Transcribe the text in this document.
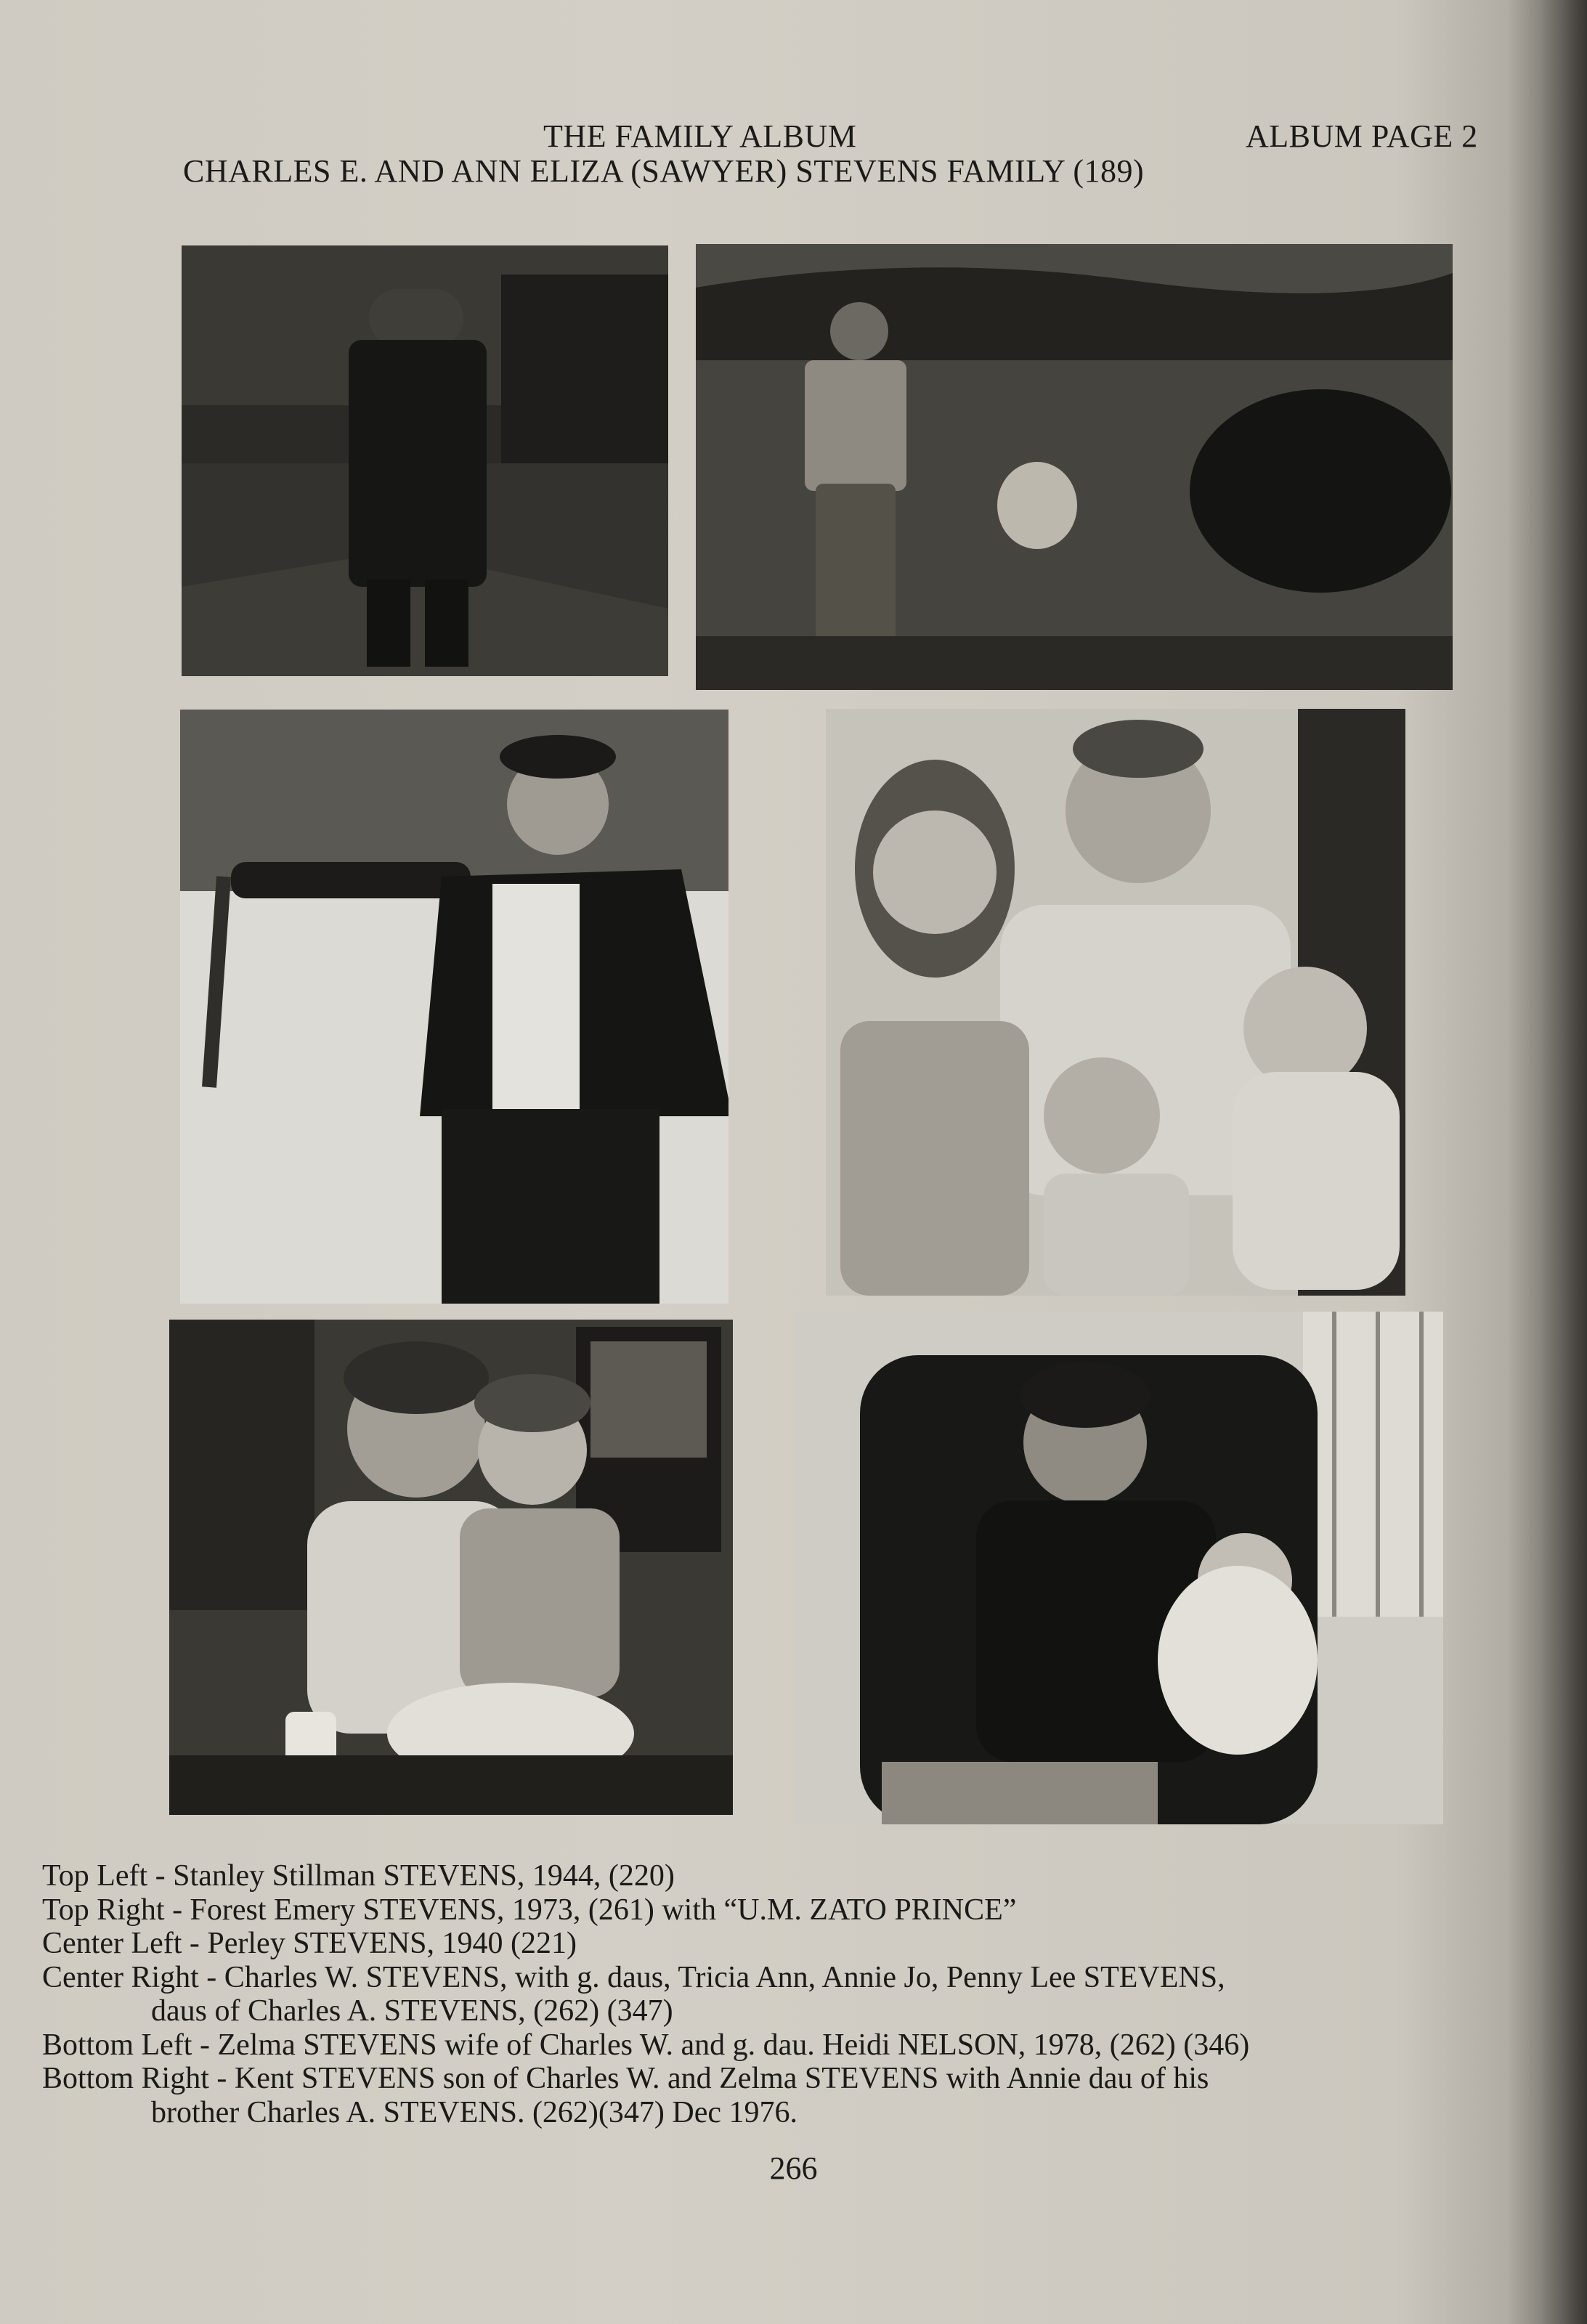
THE FAMILY ALBUM	ALBUM PAGE 2
CHARLES E. AND ANN ELIZA (SAWYER) STEVENS FAMILY (189)
Top Left - Stanley Stillman STEVENS, 1944, (220)
Top Right - Forest Emery STEVENS, 1973, (261) with “U.M. ZATO PRINCE”
Center Left - Perley STEVENS, 1940 (221)
Center Right - Charles W. STEVENS, with g. daus, Tricia Ann, Annie Jo, Penny Lee STEVENS,
daus of Charles A. STEVENS, (262) (347)
Bottom Left - Zelma STEVENS wife of Charles W. and g. dau. Heidi NELSON, 1978, (262) (346)
Bottom Right - Kent STEVENS son of Charles W. and Zelma STEVENS with Annie dau of his
brother Charles A. STEVENS. (262)(347) Dec 1976.
266
